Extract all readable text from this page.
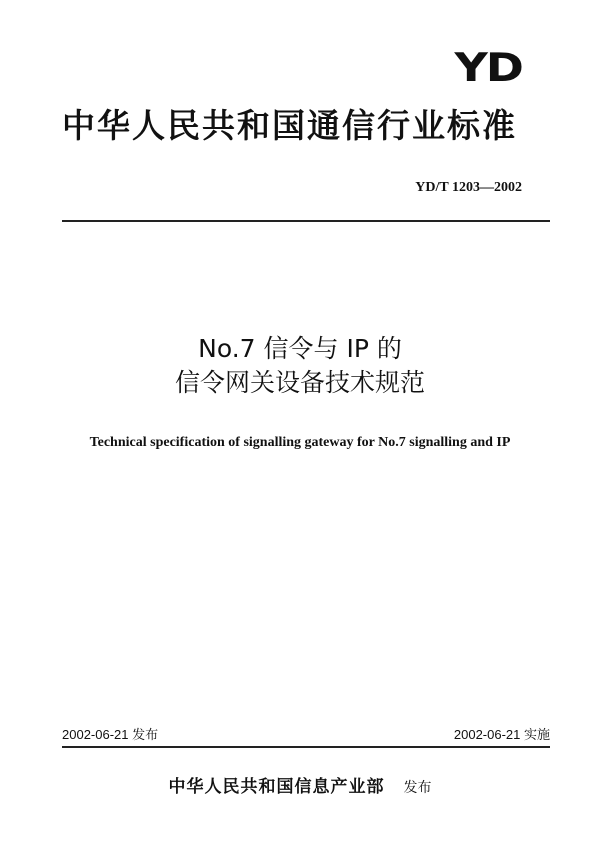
YD
中华人民共和国通信行业标准
YD/T 1203—2002
No.7 信令与 IP 的
信令网关设备技术规范
Technical specification of signalling gateway for No.7 signalling and IP
2002-06-21 发布	2002-06-21 实施
中华人民共和国信息产业部 发布
